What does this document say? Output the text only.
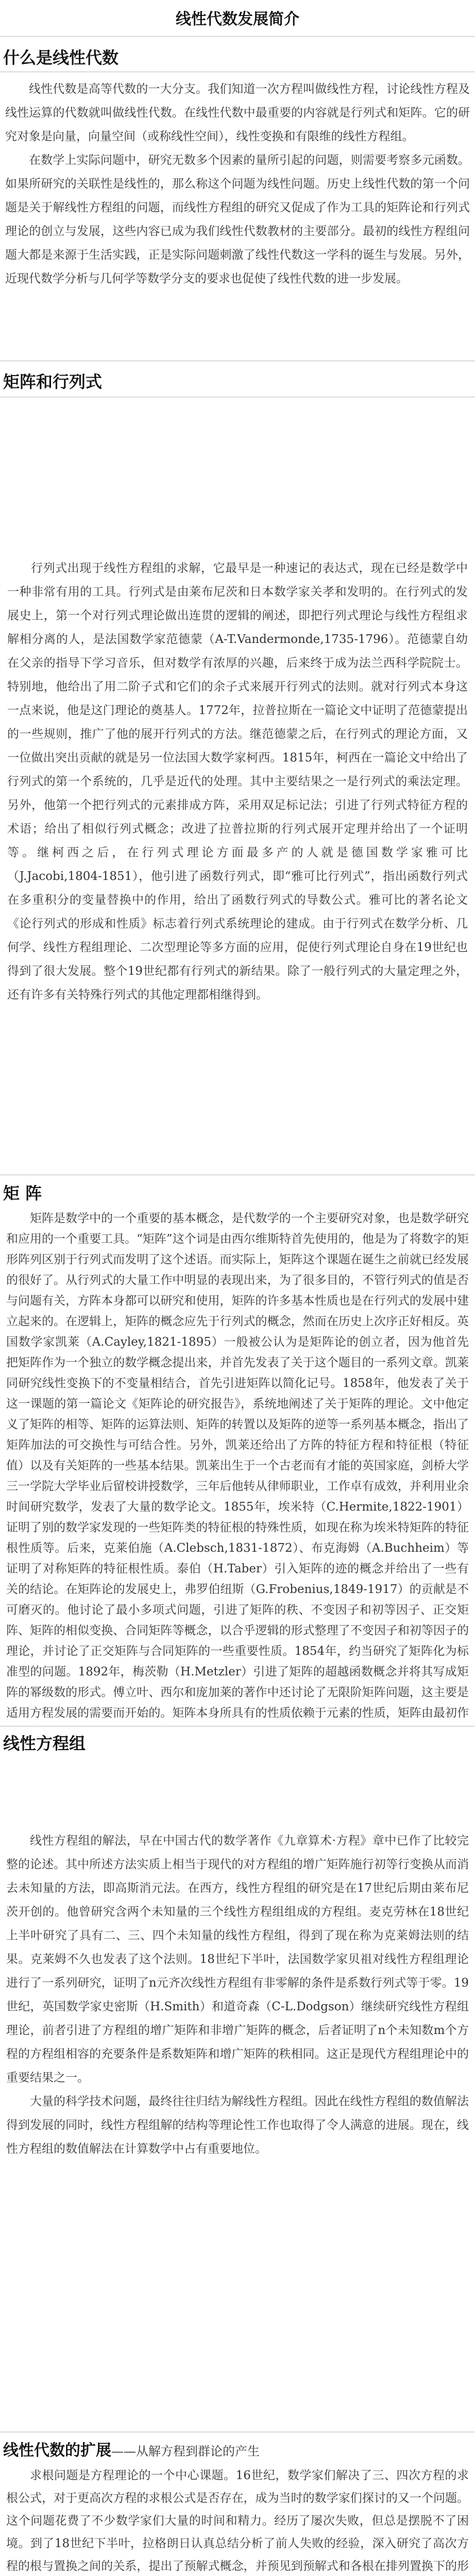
线性代数发展简介
什么是线性代数

线性代数是高等代数的一大分支。我们知道一次方程叫做线性方程，讨论线性方程及线性运算的代数就叫做线性代数。在线性代数中最重要的内容就是行列式和矩阵。它的研究对象是向量，向量空间（或称线性空间），线性变换和有限维的线性方程组。

在数学上实际问题中，研究无数多个因素的量所引起的问题，则需要考察多元函数。如果所研究的关联性是线性的，那么称这个问题为线性问题。历史上线性代数的第一个问题是关于解线性方程组的问题，而线性方程组的研究又促成了作为工具的矩阵论和行列式理论的创立与发展，这些内容已成为我们线性代数教材的主要部分。最初的线性方程组问题大都是来源于生活实践，正是实际问题刺激了线性代数这一学科的诞生与发展。另外，近现代数学分析与几何学等数学分支的要求也促使了线性代数的进一步发展。

矩阵和行列式

行列式出现于线性方程组的求解，它最早是一种速记的表达式，现在已经是数学中一种非常有用的工具。行列式是由莱布尼茨和日本数学家关孝和发明的。在行列式的发展史上，第一个对行列式理论做出连贯的逻辑的阐述，即把行列式理论与线性方程组求解相分离的人，是法国数学家范德蒙（A-T.Vandermonde,1735-1796）。范德蒙自幼在父亲的指导下学习音乐，但对数学有浓厚的兴趣，后来终于成为法兰西科学院院士。特别地，他给出了用二阶子式和它们的余子式来展开行列式的法则。就对行列式本身这一点来说，他是这门理论的奠基人。1772年，拉普拉斯在一篇论文中证明了范德蒙提出的一些规则，推广了他的展开行列式的方法。继范德蒙之后，在行列式的理论方面，又一位做出突出贡献的就是另一位法国大数学家柯西。1815年，柯西在一篇论文中给出了行列式的第一个系统的，几乎是近代的处理。其中主要结果之一是行列式的乘法定理。另外，他第一个把行列式的元素排成方阵，采用双足标记法；引进了行列式特征方程的术语；给出了相似行列式概念；改进了拉普拉斯的行列式展开定理并给出了一个证明等。继柯西之后，在行列式理论方面最多产的人就是德国数学家雅可比（J.Jacobi,1804-1851），他引进了函数行列式，即“雅可比行列式”，指出函数行列式在多重积分的变量替换中的作用，给出了函数行列式的导数公式。雅可比的著名论文《论行列式的形成和性质》标志着行列式系统理论的建成。由于行列式在数学分析、几何学、线性方程组理论、二次型理论等多方面的应用，促使行列式理论自身在19世纪也得到了很大发展。整个19世纪都有行列式的新结果。除了一般行列式的大量定理之外，还有许多有关特殊行列式的其他定理都相继得到。

矩 阵

矩阵是数学中的一个重要的基本概念，是代数学的一个主要研究对象，也是数学研究和应用的一个重要工具。“矩阵”这个词是由西尔维斯特首先使用的，他是为了将数字的矩形阵列区别于行列式而发明了这个述语。而实际上，矩阵这个课题在诞生之前就已经发展的很好了。从行列式的大量工作中明显的表现出来，为了很多目的，不管行列式的值是否与问题有关，方阵本身都可以研究和使用，矩阵的许多基本性质也是在行列式的发展中建立起来的。在逻辑上，矩阵的概念应先于行列式的概念，然而在历史上次序正好相反。英国数学家凯莱（A.Cayley,1821-1895）一般被公认为是矩阵论的创立者，因为他首先把矩阵作为一个独立的数学概念提出来，并首先发表了关于这个题目的一系列文章。凯莱同研究线性变换下的不变量相结合，首先引进矩阵以简化记号。1858年，他发表了关于这一课题的第一篇论文《矩阵论的研究报告》，系统地阐述了关于矩阵的理论。文中他定义了矩阵的相等、矩阵的运算法则、矩阵的转置以及矩阵的逆等一系列基本概念，指出了矩阵加法的可交换性与可结合性。另外，凯莱还给出了方阵的特征方程和特征根（特征值）以及有关矩阵的一些基本结果。凯莱出生于一个古老而有才能的英国家庭，剑桥大学三一学院大学毕业后留校讲授数学，三年后他转从律师职业，工作卓有成效，并利用业余时间研究数学，发表了大量的数学论文。1855年，埃米特（C.Hermite,1822-1901）证明了别的数学家发现的一些矩阵类的特征根的特殊性质，如现在称为埃米特矩阵的特征根性质等。后来，克莱伯施（A.Clebsch,1831-1872）、布克海姆（A.Buchheim）等证明了对称矩阵的特征根性质。泰伯（H.Taber）引入矩阵的迹的概念并给出了一些有关的结论。在矩阵论的发展史上，弗罗伯纽斯（G.Frobenius,1849-1917）的贡献是不可磨灭的。他讨论了最小多项式问题，引进了矩阵的秩、不变因子和初等因子、正交矩阵、矩阵的相似变换、合同矩阵等概念，以合乎逻辑的形式整理了不变因子和初等因子的理论，并讨论了正交矩阵与合同矩阵的一些重要性质。1854年，约当研究了矩阵化为标准型的问题。1892年，梅茨勒（H.Metzler）引进了矩阵的超越函数概念并将其写成矩阵的幂级数的形式。傅立叶、西尔和庞加莱的著作中还讨论了无限阶矩阵问题，这主要是适用方程发展的需要而开始的。矩阵本身所具有的性质依赖于元素的性质，矩阵由最初作

线性方程组

线性方程组的解法，早在中国古代的数学著作《九章算术·方程》章中已作了比较完整的论述。其中所述方法实质上相当于现代的对方程组的增广矩阵施行初等行变换从而消去未知量的方法，即高斯消元法。在西方，线性方程组的研究是在17世纪后期由莱布尼茨开创的。他曾研究含两个未知量的三个线性方程组组成的方程组。麦克劳林在18世纪上半叶研究了具有二、三、四个未知量的线性方程组，得到了现在称为克莱姆法则的结果。克莱姆不久也发表了这个法则。18世纪下半叶，法国数学家贝祖对线性方程组理论进行了一系列研究，证明了n元齐次线性方程组有非零解的条件是系数行列式等于零。19世纪，英国数学家史密斯（H.Smith）和道奇森（C-L.Dodgson）继续研究线性方程组理论，前者引进了方程组的增广矩阵和非增广矩阵的概念，后者证明了n个未知数m个方程的方程组相容的充要条件是系数矩阵和增广矩阵的秩相同。这正是现代方程组理论中的重要结果之一。

大量的科学技术问题，最终往往归结为解线性方程组。因此在线性方程组的数值解法得到发展的同时，线性方程组解的结构等理论性工作也取得了令人满意的进展。现在，线性方程组的数值解法在计算数学中占有重要地位。

线性代数的扩展——从解方程到群论的产生

求根问题是方程理论的一个中心课题。16世纪，数学家们解决了三、四次方程的求根公式，对于更高次方程的求根公式是否存在，成为当时的数学家们探讨的又一个问题。这个问题花费了不少数学家们大量的时间和精力。经历了屡次失败，但总是摆脱不了困境。到了18世纪下半叶，拉格朗日认真总结分析了前人失败的经验，深入研究了高次方程的根与置换之间的关系，提出了预解式概念，并预见到预解式和各根在排列置换下的形
